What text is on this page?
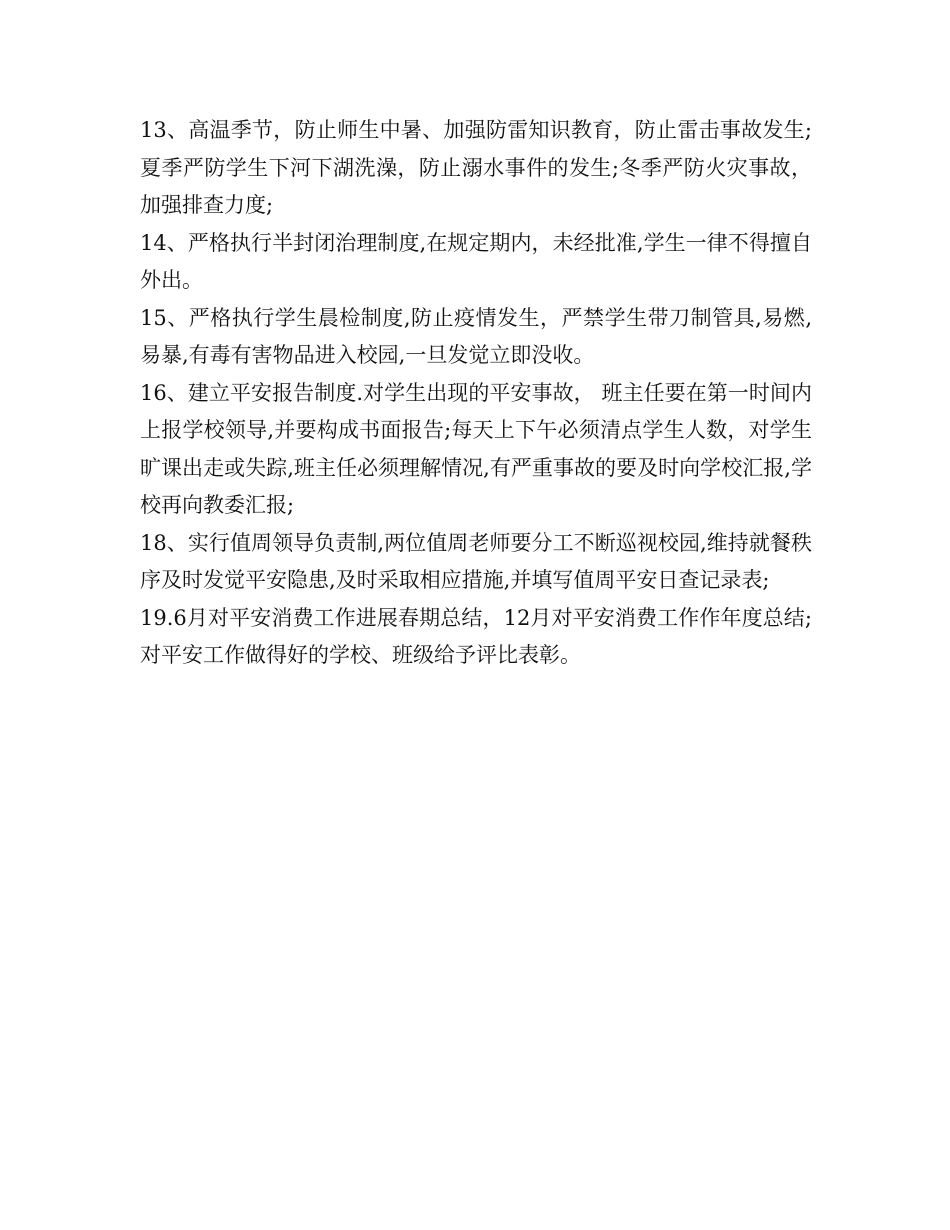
13、高温季节，防止师生中暑、加强防雷知识教育，防止雷击事故发生;夏季严防学生下河下湖洗澡，防止溺水事件的发生;冬季严防火灾事故，加强排查力度;

14、严格执行半封闭治理制度,在规定期内，未经批准,学生一律不得擅自外出。

15、严格执行学生晨检制度,防止疫情发生，严禁学生带刀制管具,易燃,易暴,有毒有害物品进入校园,一旦发觉立即没收。

16、建立平安报告制度.对学生出现的平安事故， 班主任要在第一时间内上报学校领导,并要构成书面报告;每天上下午必须清点学生人数，对学生旷课出走或失踪,班主任必须理解情况,有严重事故的要及时向学校汇报,学校再向教委汇报;

18、实行值周领导负责制,两位值周老师要分工不断巡视校园,维持就餐秩序及时发觉平安隐患,及时采取相应措施,并填写值周平安日查记录表;

19.6月对平安消费工作进展春期总结，12月对平安消费工作作年度总结;对平安工作做得好的学校、班级给予评比表彰。
